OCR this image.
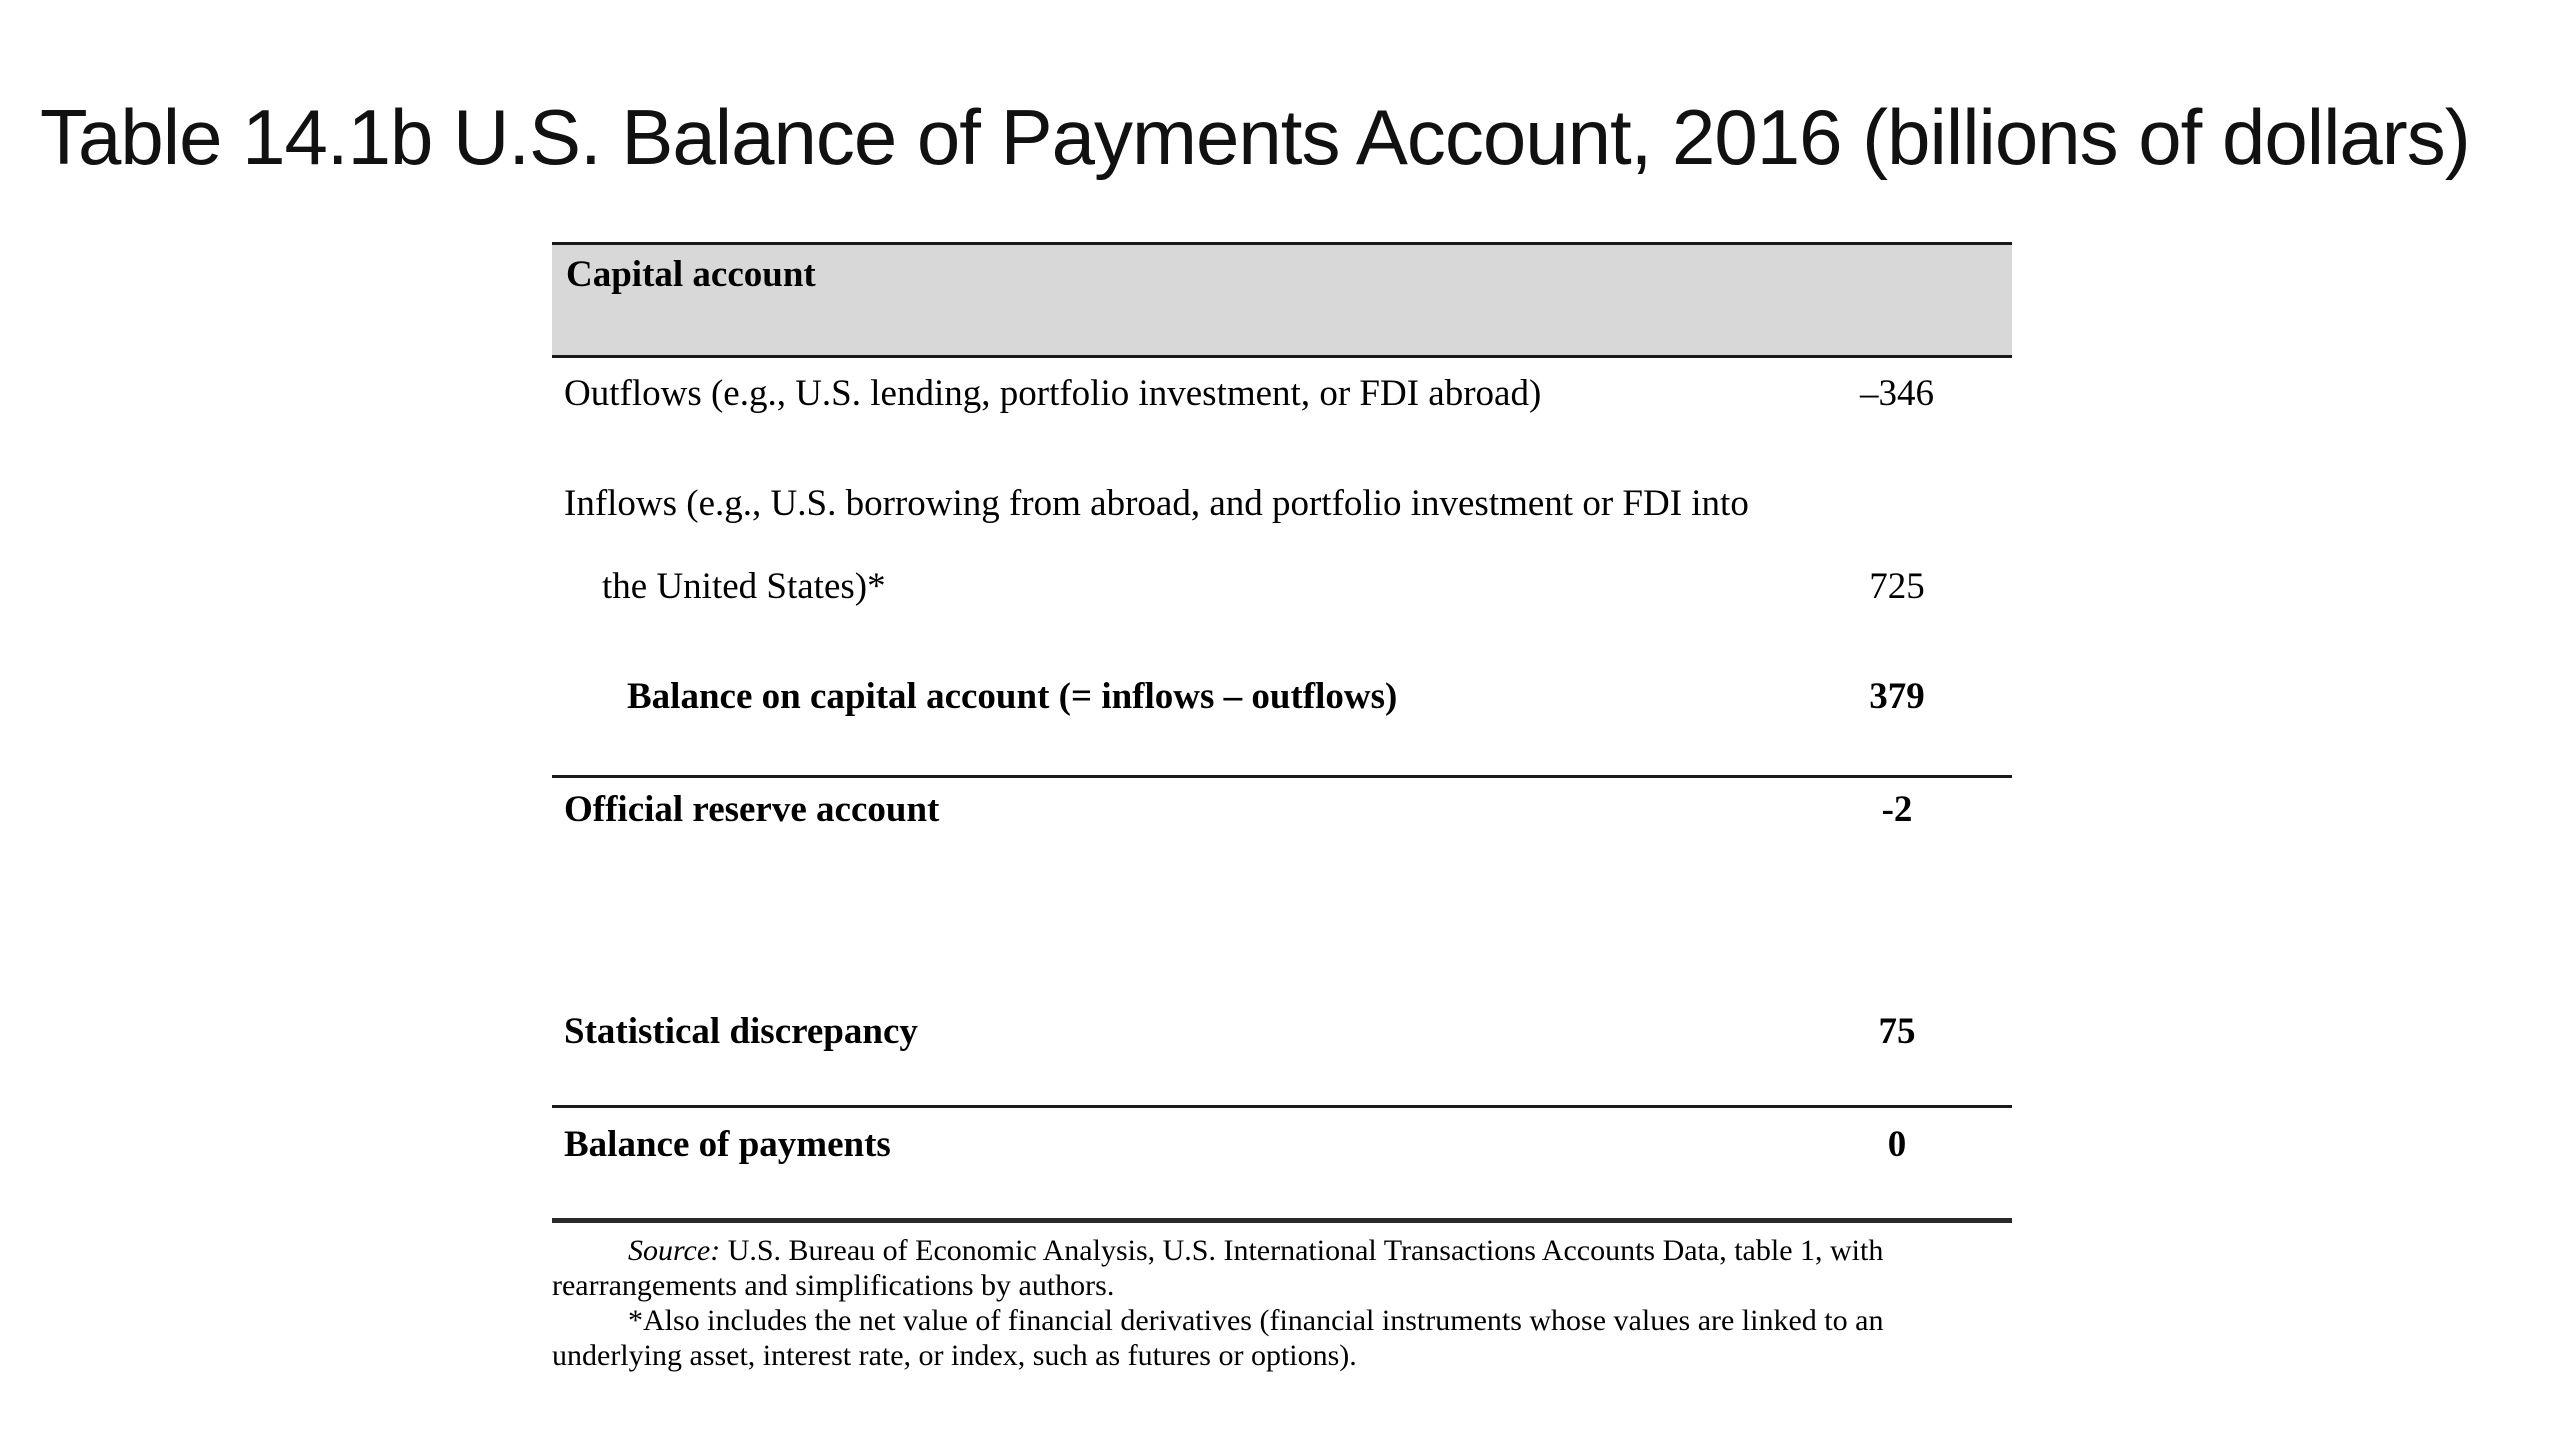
Table 14.1b U.S. Balance of Payments Account, 2016 (billions of dollars)
Capital account
Outflows (e.g., U.S. lending, portfolio investment, or FDI abroad)	–346
Inflows (e.g., U.S. borrowing from abroad, and portfolio investment or FDI into
the United States)*	725
Balance on capital account (= inflows – outflows)	379
Official reserve account	-2
Statistical discrepancy	75
Balance of payments	0
Source: U.S. Bureau of Economic Analysis, U.S. International Transactions Accounts Data, table 1, with
rearrangements and simplifications by authors.
*Also includes the net value of financial derivatives (financial instruments whose values are linked to an
underlying asset, interest rate, or index, such as futures or options).
